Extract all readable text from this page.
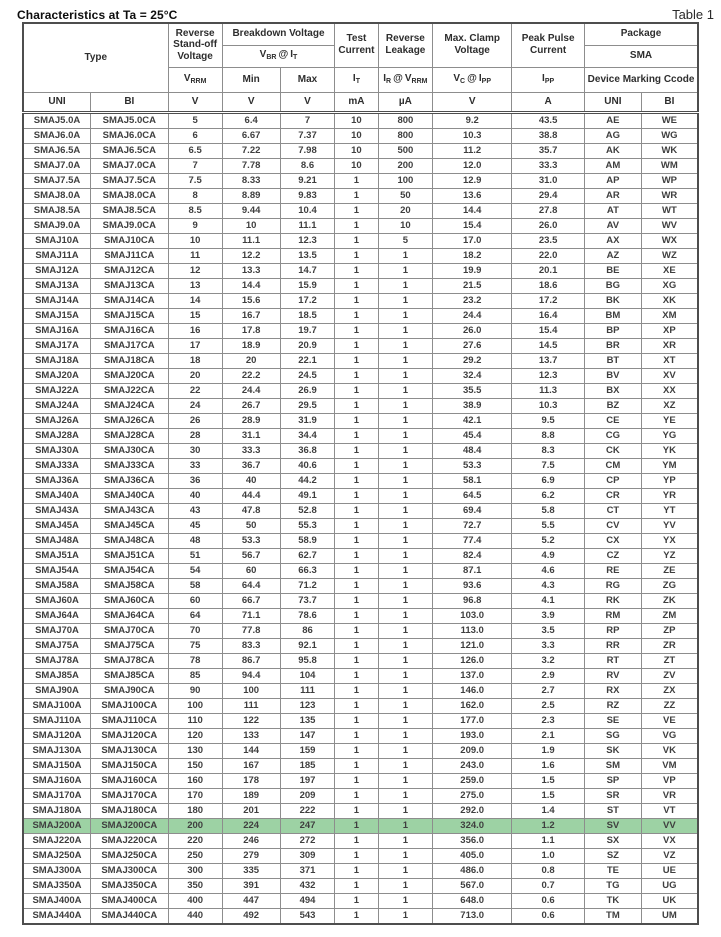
Characteristics at Ta = 25°C	Table 1
Type		Reverse Stand-off Voltage	Breakdown Voltage		Test Current	Reverse Leakage	Max. Clamp Voltage	Peak Pulse Current	Package	
			$V_{BR}$ @ $I_T$						SMA	
		$V_{RRM}$	Min	Max	$I_T$	$I_R$ @ $V_{RRM}$	$V_C$ @ $I_{PP}$	$I_{PP}$	Device Marking Ccode	
UNI	BI	V	V	V	mA	µA	V	A	UNI	BI
SMAJ5.0A	SMAJ5.0CA	5	6.4	7	10	800	9.2	43.5	AE	WE
SMAJ6.0A	SMAJ6.0CA	6	6.67	7.37	10	800	10.3	38.8	AG	WG
SMAJ6.5A	SMAJ6.5CA	6.5	7.22	7.98	10	500	11.2	35.7	AK	WK
SMAJ7.0A	SMAJ7.0CA	7	7.78	8.6	10	200	12.0	33.3	AM	WM
SMAJ7.5A	SMAJ7.5CA	7.5	8.33	9.21	1	100	12.9	31.0	AP	WP
SMAJ8.0A	SMAJ8.0CA	8	8.89	9.83	1	50	13.6	29.4	AR	WR
SMAJ8.5A	SMAJ8.5CA	8.5	9.44	10.4	1	20	14.4	27.8	AT	WT
SMAJ9.0A	SMAJ9.0CA	9	10	11.1	1	10	15.4	26.0	AV	WV
SMAJ10A	SMAJ10CA	10	11.1	12.3	1	5	17.0	23.5	AX	WX
SMAJ11A	SMAJ11CA	11	12.2	13.5	1	1	18.2	22.0	AZ	WZ
SMAJ12A	SMAJ12CA	12	13.3	14.7	1	1	19.9	20.1	BE	XE
SMAJ13A	SMAJ13CA	13	14.4	15.9	1	1	21.5	18.6	BG	XG
SMAJ14A	SMAJ14CA	14	15.6	17.2	1	1	23.2	17.2	BK	XK
SMAJ15A	SMAJ15CA	15	16.7	18.5	1	1	24.4	16.4	BM	XM
SMAJ16A	SMAJ16CA	16	17.8	19.7	1	1	26.0	15.4	BP	XP
SMAJ17A	SMAJ17CA	17	18.9	20.9	1	1	27.6	14.5	BR	XR
SMAJ18A	SMAJ18CA	18	20	22.1	1	1	29.2	13.7	BT	XT
SMAJ20A	SMAJ20CA	20	22.2	24.5	1	1	32.4	12.3	BV	XV
SMAJ22A	SMAJ22CA	22	24.4	26.9	1	1	35.5	11.3	BX	XX
SMAJ24A	SMAJ24CA	24	26.7	29.5	1	1	38.9	10.3	BZ	XZ
SMAJ26A	SMAJ26CA	26	28.9	31.9	1	1	42.1	9.5	CE	YE
SMAJ28A	SMAJ28CA	28	31.1	34.4	1	1	45.4	8.8	CG	YG
SMAJ30A	SMAJ30CA	30	33.3	36.8	1	1	48.4	8.3	CK	YK
SMAJ33A	SMAJ33CA	33	36.7	40.6	1	1	53.3	7.5	CM	YM
SMAJ36A	SMAJ36CA	36	40	44.2	1	1	58.1	6.9	CP	YP
SMAJ40A	SMAJ40CA	40	44.4	49.1	1	1	64.5	6.2	CR	YR
SMAJ43A	SMAJ43CA	43	47.8	52.8	1	1	69.4	5.8	CT	YT
SMAJ45A	SMAJ45CA	45	50	55.3	1	1	72.7	5.5	CV	YV
SMAJ48A	SMAJ48CA	48	53.3	58.9	1	1	77.4	5.2	CX	YX
SMAJ51A	SMAJ51CA	51	56.7	62.7	1	1	82.4	4.9	CZ	YZ
SMAJ54A	SMAJ54CA	54	60	66.3	1	1	87.1	4.6	RE	ZE
SMAJ58A	SMAJ58CA	58	64.4	71.2	1	1	93.6	4.3	RG	ZG
SMAJ60A	SMAJ60CA	60	66.7	73.7	1	1	96.8	4.1	RK	ZK
SMAJ64A	SMAJ64CA	64	71.1	78.6	1	1	103.0	3.9	RM	ZM
SMAJ70A	SMAJ70CA	70	77.8	86	1	1	113.0	3.5	RP	ZP
SMAJ75A	SMAJ75CA	75	83.3	92.1	1	1	121.0	3.3	RR	ZR
SMAJ78A	SMAJ78CA	78	86.7	95.8	1	1	126.0	3.2	RT	ZT
SMAJ85A	SMAJ85CA	85	94.4	104	1	1	137.0	2.9	RV	ZV
SMAJ90A	SMAJ90CA	90	100	111	1	1	146.0	2.7	RX	ZX
SMAJ100A	SMAJ100CA	100	111	123	1	1	162.0	2.5	RZ	ZZ
SMAJ110A	SMAJ110CA	110	122	135	1	1	177.0	2.3	SE	VE
SMAJ120A	SMAJ120CA	120	133	147	1	1	193.0	2.1	SG	VG
SMAJ130A	SMAJ130CA	130	144	159	1	1	209.0	1.9	SK	VK
SMAJ150A	SMAJ150CA	150	167	185	1	1	243.0	1.6	SM	VM
SMAJ160A	SMAJ160CA	160	178	197	1	1	259.0	1.5	SP	VP
SMAJ170A	SMAJ170CA	170	189	209	1	1	275.0	1.5	SR	VR
SMAJ180A	SMAJ180CA	180	201	222	1	1	292.0	1.4	ST	VT
SMAJ200A	SMAJ200CA	200	224	247	1	1	324.0	1.2	SV	VV
SMAJ220A	SMAJ220CA	220	246	272	1	1	356.0	1.1	SX	VX
SMAJ250A	SMAJ250CA	250	279	309	1	1	405.0	1.0	SZ	VZ
SMAJ300A	SMAJ300CA	300	335	371	1	1	486.0	0.8	TE	UE
SMAJ350A	SMAJ350CA	350	391	432	1	1	567.0	0.7	TG	UG
SMAJ400A	SMAJ400CA	400	447	494	1	1	648.0	0.6	TK	UK
SMAJ440A	SMAJ440CA	440	492	543	1	1	713.0	0.6	TM	UM
